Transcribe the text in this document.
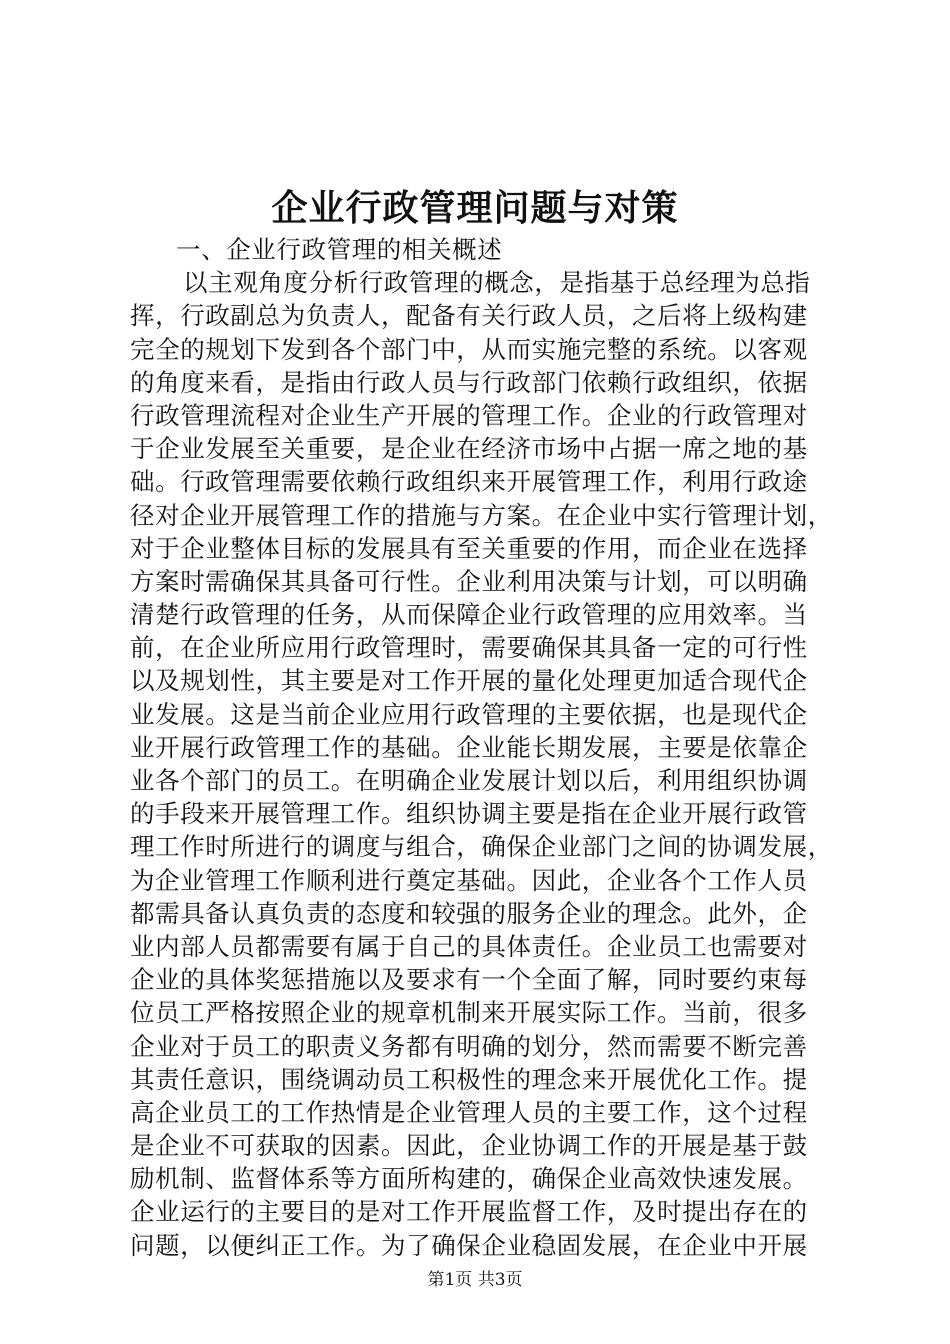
企业行政管理问题与对策
一、企业行政管理的相关概述
以主观角度分析行政管理的概念，是指基于总经理为总指
挥，行政副总为负责人，配备有关行政人员，之后将上级构建
完全的规划下发到各个部门中，从而实施完整的系统。以客观
的角度来看，是指由行政人员与行政部门依赖行政组织，依据
行政管理流程对企业生产开展的管理工作。企业的行政管理对
于企业发展至关重要，是企业在经济市场中占据一席之地的基
础。行政管理需要依赖行政组织来开展管理工作，利用行政途
径对企业开展管理工作的措施与方案。在企业中实行管理计划，
对于企业整体目标的发展具有至关重要的作用，而企业在选择
方案时需确保其具备可行性。企业利用决策与计划，可以明确
清楚行政管理的任务，从而保障企业行政管理的应用效率。当
前，在企业所应用行政管理时，需要确保其具备一定的可行性
以及规划性，其主要是对工作开展的量化处理更加适合现代企
业发展。这是当前企业应用行政管理的主要依据，也是现代企
业开展行政管理工作的基础。企业能长期发展，主要是依靠企
业各个部门的员工。在明确企业发展计划以后，利用组织协调
的手段来开展管理工作。组织协调主要是指在企业开展行政管
理工作时所进行的调度与组合，确保企业部门之间的协调发展，
为企业管理工作顺利进行奠定基础。因此，企业各个工作人员
都需具备认真负责的态度和较强的服务企业的理念。此外，企
业内部人员都需要有属于自己的具体责任。企业员工也需要对
企业的具体奖惩措施以及要求有一个全面了解，同时要约束每
位员工严格按照企业的规章机制来开展实际工作。当前，很多
企业对于员工的职责义务都有明确的划分，然而需要不断完善
其责任意识，围绕调动员工积极性的理念来开展优化工作。提
高企业员工的工作热情是企业管理人员的主要工作，这个过程
是企业不可获取的因素。因此，企业协调工作的开展是基于鼓
励机制、监督体系等方面所构建的，确保企业高效快速发展。
企业运行的主要目的是对工作开展监督工作，及时提出存在的
问题，以便纠正工作。为了确保企业稳固发展，在企业中开展
第1页 共3页
